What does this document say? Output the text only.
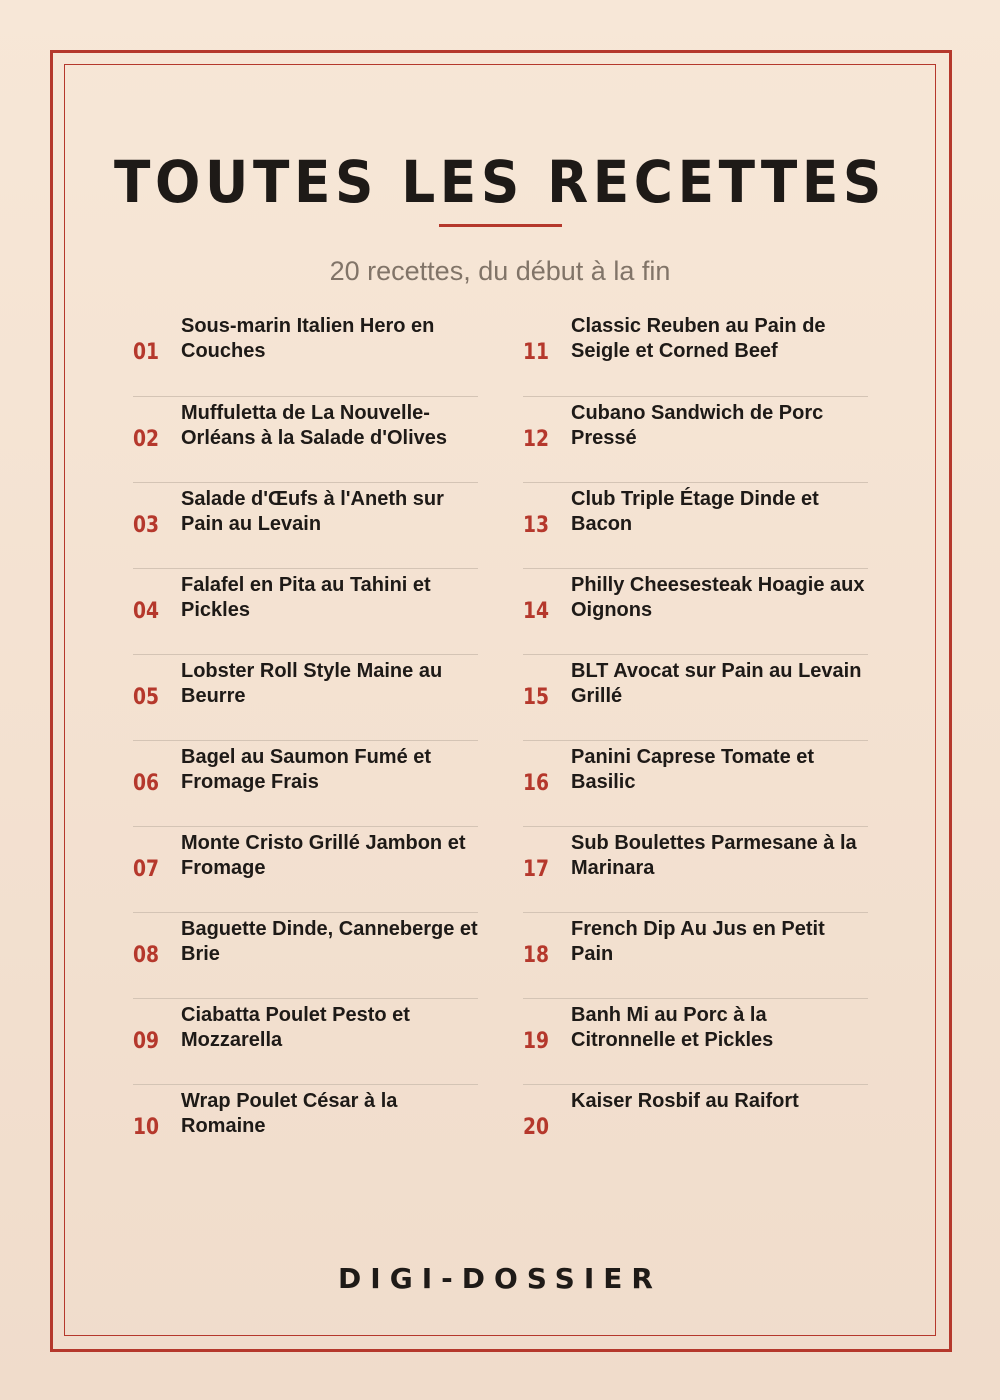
TOUTES LES RECETTES
20 recettes, du début à la fin
01
Sous-marin Italien Hero en Couches
02
Muffuletta de La Nouvelle-Orléans à la Salade d'Olives
03
Salade d'Œufs à l'Aneth sur Pain au Levain
04
Falafel en Pita au Tahini et Pickles
05
Lobster Roll Style Maine au Beurre
06
Bagel au Saumon Fumé et Fromage Frais
07
Monte Cristo Grillé Jambon et Fromage
08
Baguette Dinde, Canneberge et Brie
09
Ciabatta Poulet Pesto et Mozzarella
10
Wrap Poulet César à la Romaine
11
Classic Reuben au Pain de Seigle et Corned Beef
12
Cubano Sandwich de Porc Pressé
13
Club Triple Étage Dinde et Bacon
14
Philly Cheesesteak Hoagie aux Oignons
15
BLT Avocat sur Pain au Levain Grillé
16
Panini Caprese Tomate et Basilic
17
Sub Boulettes Parmesane à la Marinara
18
French Dip Au Jus en Petit Pain
19
Banh Mi au Porc à la Citronnelle et Pickles
20
Kaiser Rosbif au Raifort
DIGI-DOSSIER
